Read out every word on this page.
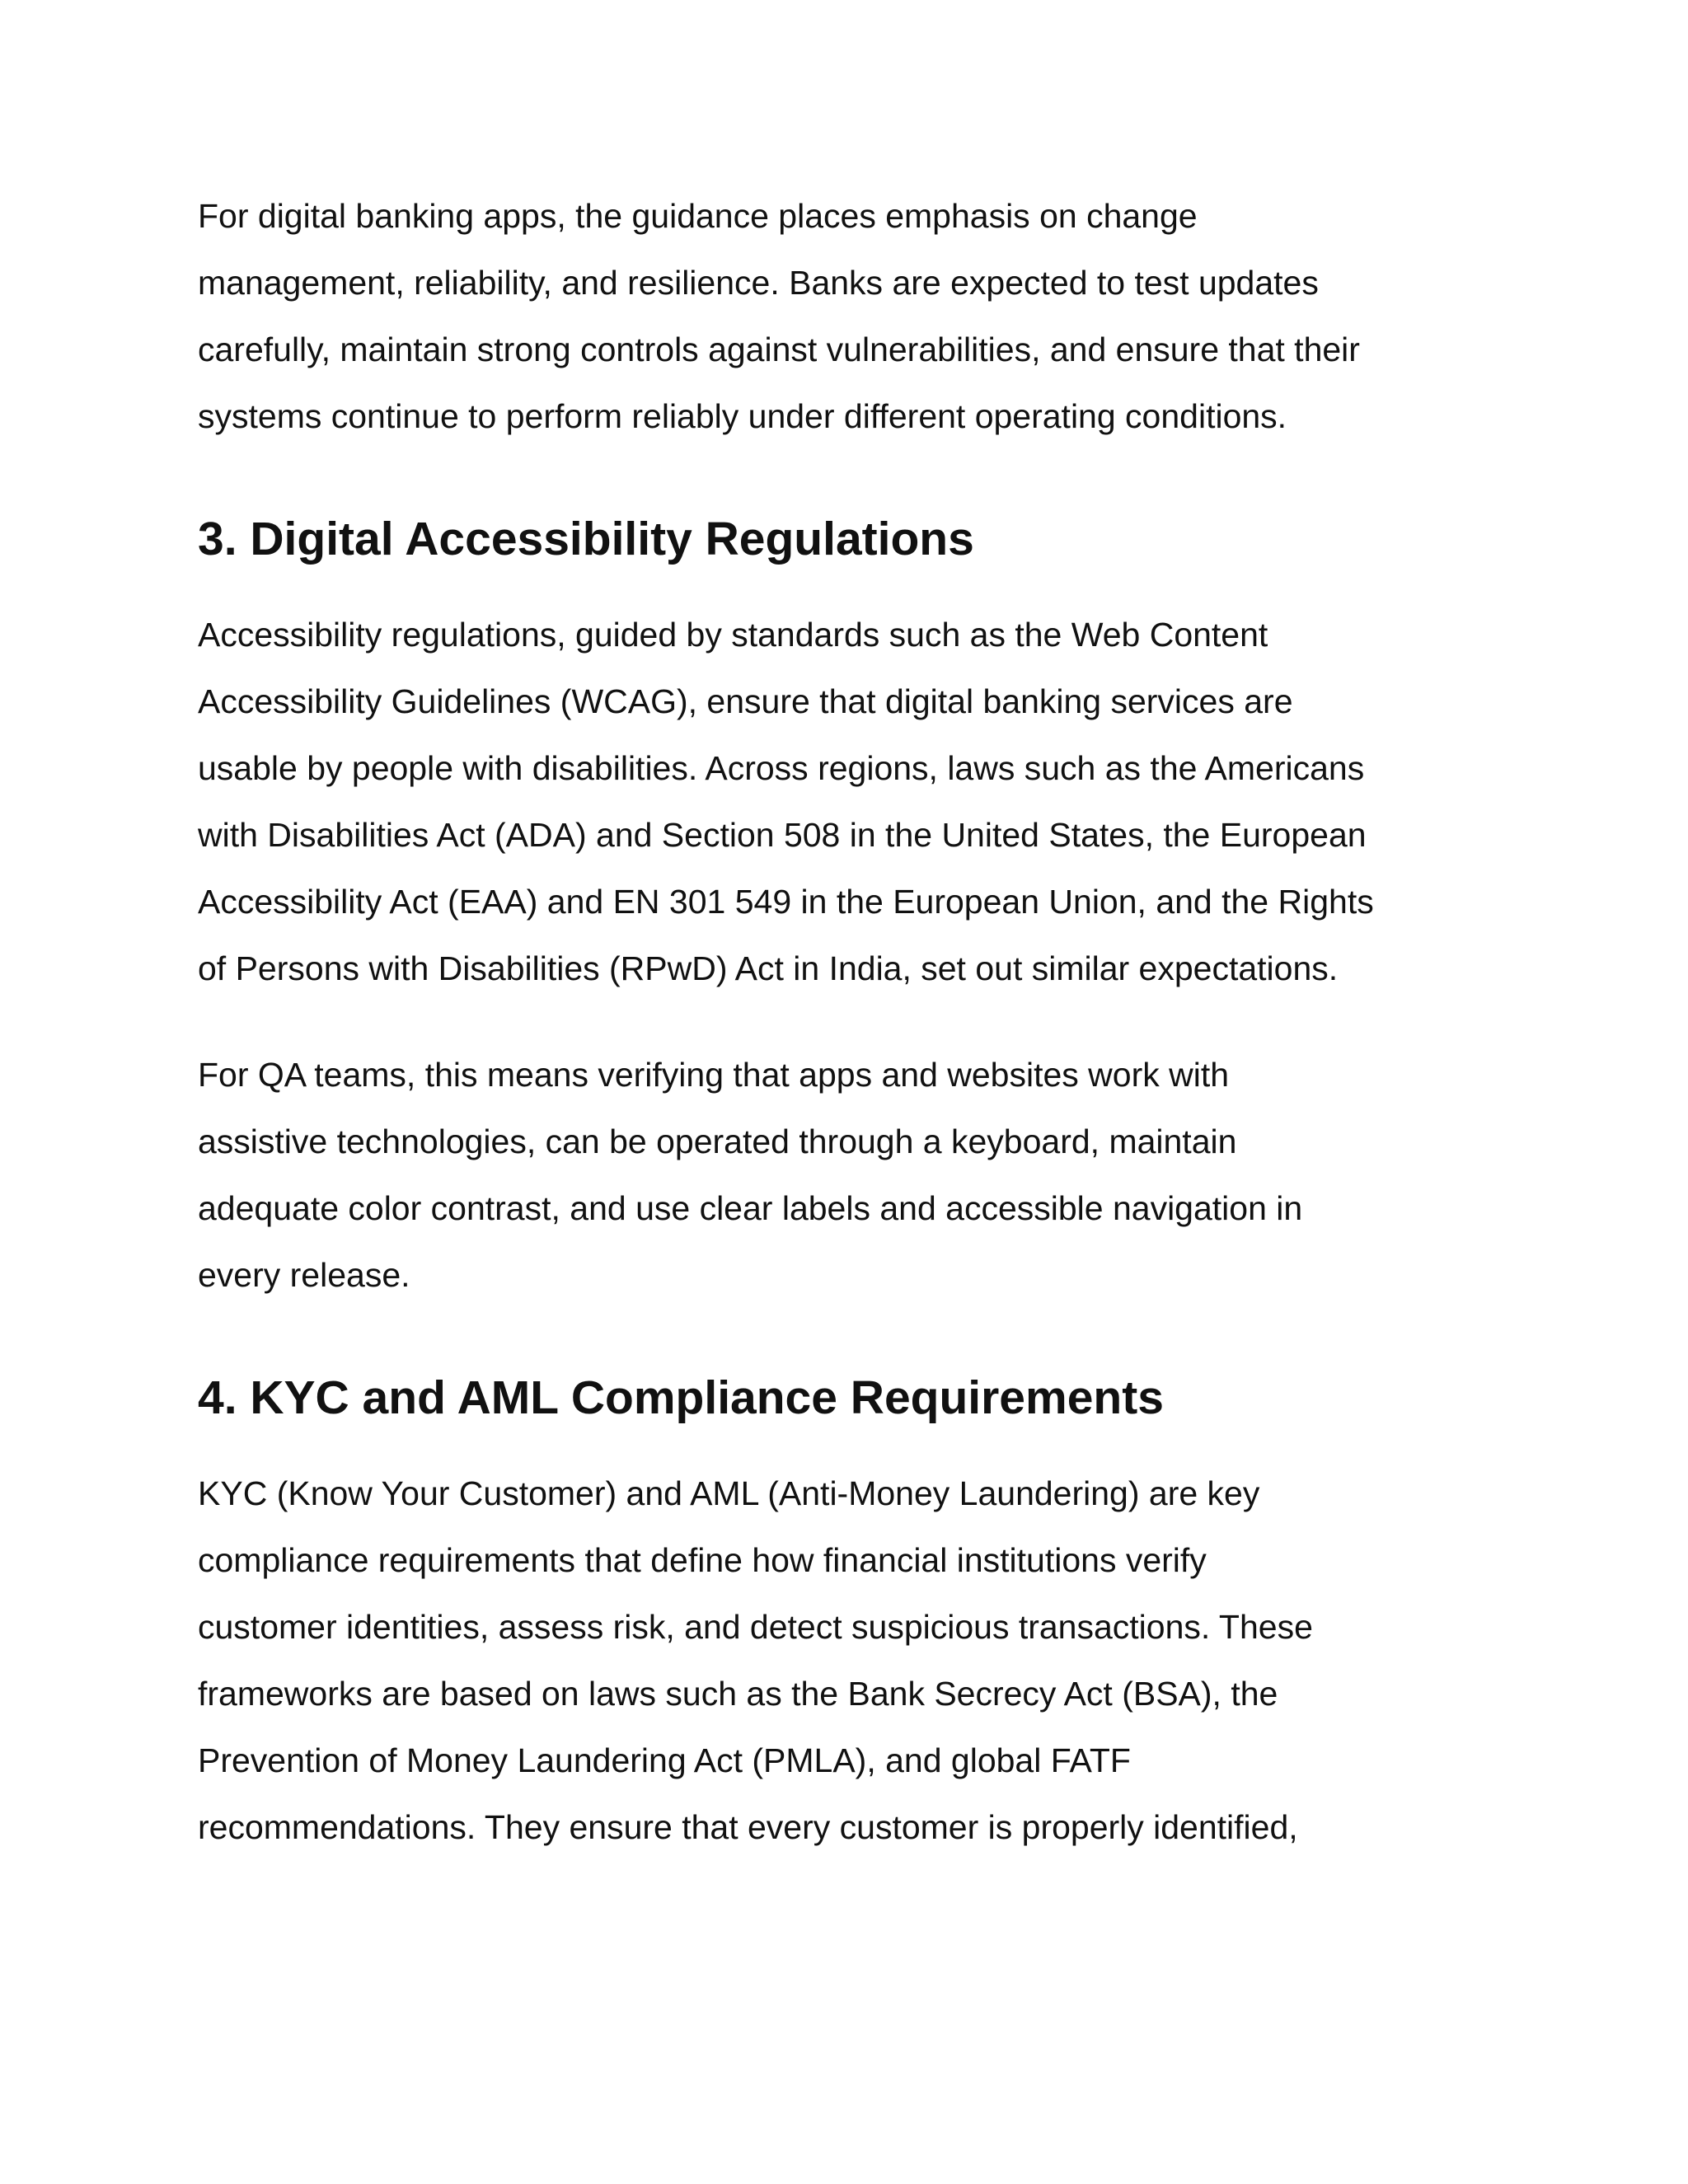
For digital banking apps, the guidance places emphasis on change
management, reliability, and resilience. Banks are expected to test updates
carefully, maintain strong controls against vulnerabilities, and ensure that their
systems continue to perform reliably under different operating conditions.
3. Digital Accessibility Regulations
Accessibility regulations, guided by standards such as the Web Content
Accessibility Guidelines (WCAG), ensure that digital banking services are
usable by people with disabilities. Across regions, laws such as the Americans
with Disabilities Act (ADA) and Section 508 in the United States, the European
Accessibility Act (EAA) and EN 301 549 in the European Union, and the Rights
of Persons with Disabilities (RPwD) Act in India, set out similar expectations.
For QA teams, this means verifying that apps and websites work with
assistive technologies, can be operated through a keyboard, maintain
adequate color contrast, and use clear labels and accessible navigation in
every release.
4. KYC and AML Compliance Requirements
KYC (Know Your Customer) and AML (Anti-Money Laundering) are key
compliance requirements that define how financial institutions verify
customer identities, assess risk, and detect suspicious transactions. These
frameworks are based on laws such as the Bank Secrecy Act (BSA), the
Prevention of Money Laundering Act (PMLA), and global FATF
recommendations. They ensure that every customer is properly identified,
